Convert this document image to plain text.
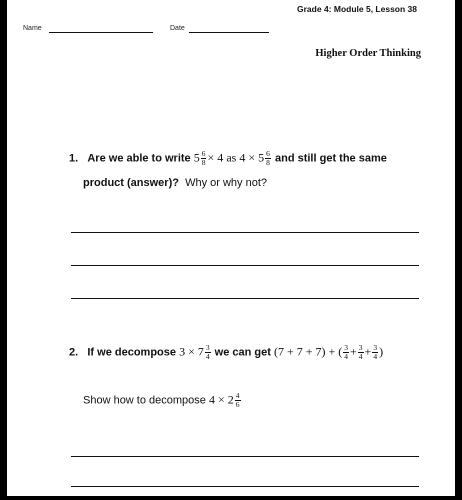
Grade 4: Module 5, Lesson 38
Name	Date
Higher Order Thinking
1. Are we able to write $5 \frac{6}{8} \times 4$ as $4 \times 5 \frac{6}{8}$ and still get the same
product (answer)? Why or why not?
2. If we decompose $3 \times 7 \frac{3}{4}$ we can get (7 + 7 + 7) + ( $\frac{3}{4} + \frac{3}{4} + \frac{3}{4}$ )
Show how to decompose $4 \times 2 \frac{4}{6}$
